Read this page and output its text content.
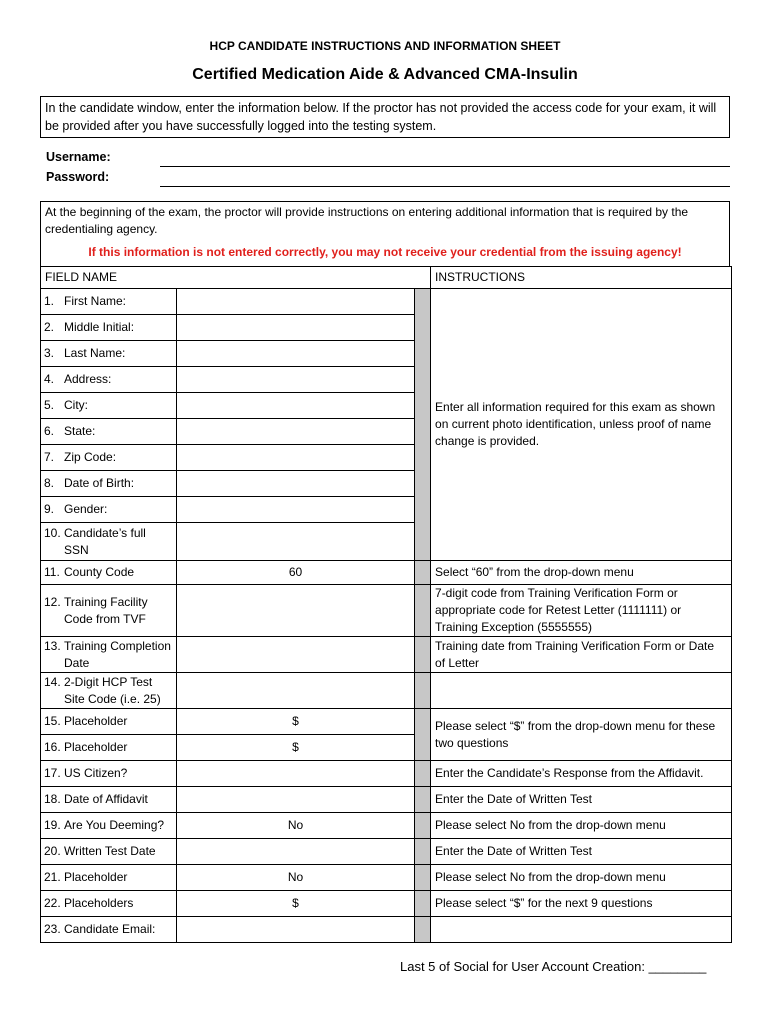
HCP CANDIDATE INSTRUCTIONS AND INFORMATION SHEET
Certified Medication Aide & Advanced CMA-Insulin
In the candidate window, enter the information below. If the proctor has not provided the access code for your exam, it will be provided after you have successfully logged into the testing system.
Username:
Password:
At the beginning of the exam, the proctor will provide instructions on entering additional information that is required by the credentialing agency.
If this information is not entered correctly, you may not receive your credential from the issuing agency!
FIELD NAME			INSTRUCTIONS

1. First Name:			Enter all information required for this exam as shown on current photo identification, unless proof of name change is provided.

2. Middle Initial:			

3. Last Name:			

4. Address:			

5. City:			

6. State:			

7. Zip Code:			

8. Date of Birth:			

9. Gender:			

10. Candidate’s full SSN			

11. County Code	60		Select “60” from the drop-down menu

12. Training Facility Code from TVF			7-digit code from Training Verification Form or appropriate code for Retest Letter (1111111) or Training Exception (5555555)

13. Training Completion Date			Training date from Training Verification Form or Date of Letter

14. 2-Digit HCP Test Site Code (i.e. 25)			

15. Placeholder	$		Please select “$” from the drop-down menu for these two questions

16. Placeholder	$		

17. US Citizen?			Enter the Candidate’s Response from the Affidavit.

18. Date of Affidavit			Enter the Date of Written Test

19. Are You Deeming?	No		Please select No from the drop-down menu

20. Written Test Date			Enter the Date of Written Test

21. Placeholder	No		Please select No from the drop-down menu

22. Placeholders	$		Please select “$” for the next 9 questions

23. Candidate Email:			

Last 5 of Social for User Account Creation: ________
